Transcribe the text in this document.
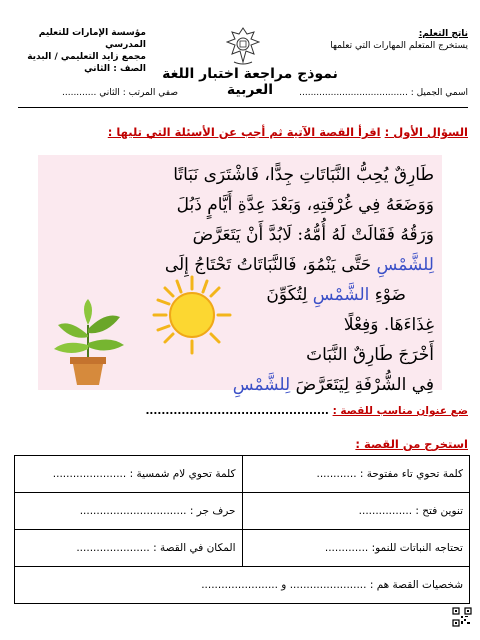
ناتج التعلم:
يستخرج المتعلم المهارات التي تعلمها
مؤسسة الإمارات للتعليم المدرسي
مجمع زايد التعليمي / البدية
الصف : الثاني	نموذج مراجعة اختبار اللغة العربية	اسمي الجميل : ......................................
صفي المرتب : الثاني ............
السؤال الأول : اقرأ القصة الآتية ثم أجب عن الأسئلة التي تليها :
طَارِقٌ يُحِبُّ النَّبَاتَاتِ جِدًّا، فَاشْتَرَى نَبَاتًا
وَوَضَعَهُ فِي غُرْفَتِهِ، وَبَعْدَ عِدَّةِ أَيَّامٍ ذَبُلَ
وَرَقُهُ فَقَالَتْ لَهُ أُمُّهُ: لَابُدَّ أَنْ يَتَعَرَّضَ
لِلشَّمْسِ حَتَّى يَنْمُوَ، فَالنَّبَاتَاتُ تَحْتَاجُ إِلَى
ضَوْءِ الشَّمْسِ لِتُكَوِّنَ
غِذَاءَهَا. وَفِعْلًا
أَخْرَجَ طَارِقٌ النَّبَاتَ
فِي الشُّرْفَةِ لِيَتَعَرَّضَ لِلشَّمْسِ
ضع عنوان مناسب للقصة : ..............................................
استخرج من القصة :
كلمة تحوي لام شمسية : ......................	كلمة تحوي تاء مفتوحة : ............
حرف جر : ................................	تنوين فتح : ................
المكان في القصة : ......................	تحتاجه النباتات للنمو: .............
شخصيات القصة هم : ....................... و .......................	
